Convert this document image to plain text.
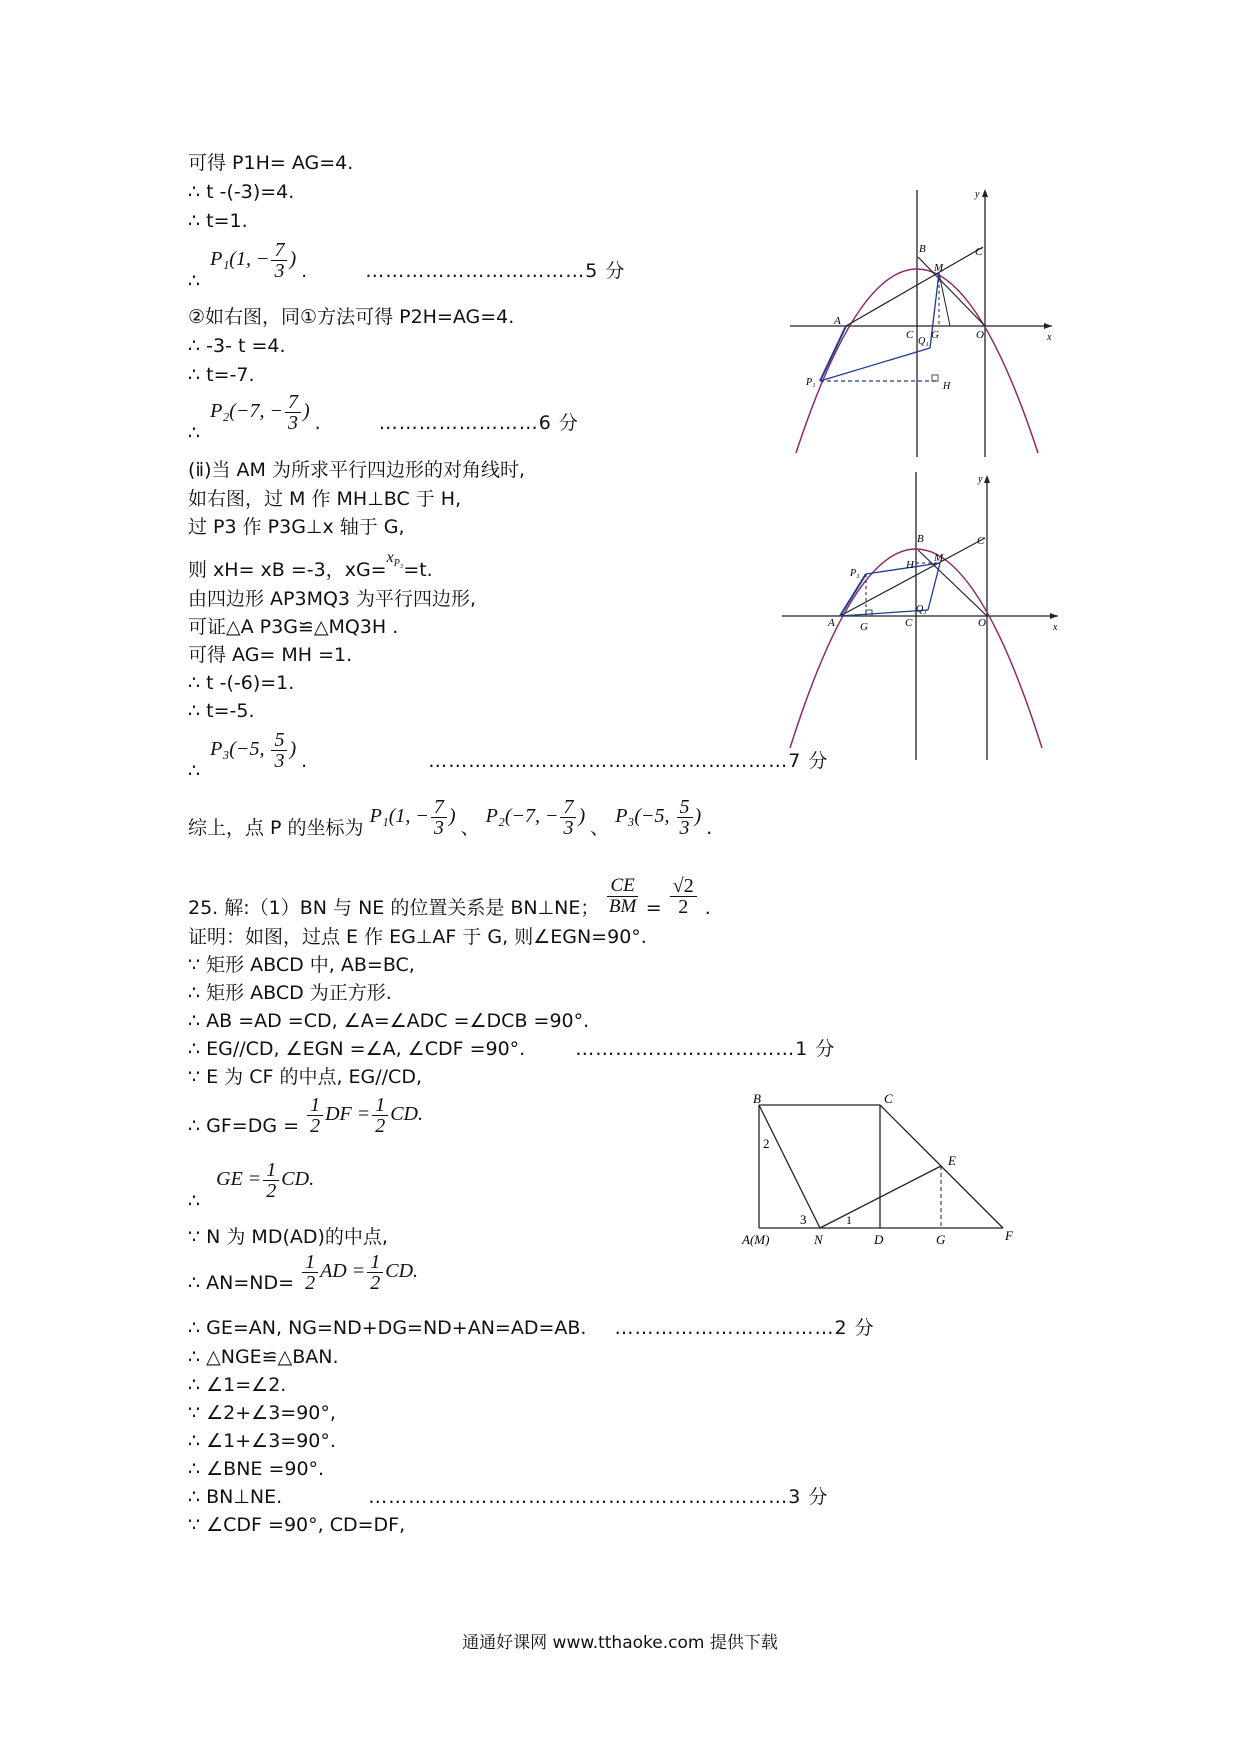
可得 P1H= AG=4.
∴ t -(-3)=4.
∴ t=1.
∴ P₁(1, − $\frac{7}{3}$ ) .	……………………………5 分
②如右图，同①方法可得 P2H=AG=4.
∴ -3- t =4.
∴ t=-7.
∴ P₂(−7, − $\frac{7}{3}$ ) .	……………………6 分
(ⅱ)当 AM 为所求平行四边形的对角线时,
如右图，过 M 作 MH⊥BC 于 H,
过 P3 作 P3G⊥x 轴于 G,
则 xH= xB =-3，xG=$^{x_{P_3}}$=t.
由四边形 AP3MQ3 为平行四边形,
可证△A P3G≌△MQ3H .
可得 AG= MH =1.
∴ t -(-6)=1.
∴ t=-5.
∴ P₃(−5, $\frac{5}{3}$ ) .	………………………………………………7 分
综上，点 P 的坐标为 P₁(1, − $\frac{7}{3}$ ) 、 P₂(−7, − $\frac{7}{3}$ ) 、 P₃(−5, $\frac{5}{3}$ ) .
25. 解:（1）BN 与 NE 的位置关系是 BN⊥NE； $\frac{CE}{BM} = \frac{√2}{2}$ .
证明：如图，过点 E 作 EG⊥AF 于 G, 则∠EGN=90°.
∵ 矩形 ABCD 中, AB=BC,
∴ 矩形 ABCD 为正方形.
∴ AB =AD =CD, ∠A=∠ADC =∠DCB =90°.
∴ EG//CD, ∠EGN =∠A, ∠CDF =90°.	……………………………1 分
∵ E 为 CF 的中点, EG//CD,
∴ $GF=DG = \frac{1}{2}$ DF = $\frac{1}{2}$ CD.
∴ GE = $\frac{1}{2}$ CD.
∵ N 为 MD(AD)的中点,
∴ $AN=ND= \frac{1}{2}$ AD = $\frac{1}{2}$ CD.
∴ GE=AN, NG=ND+DG=ND+AN=AD=AB. ……………………………2 分
∴ △NGE≌△BAN.
∴ ∠1=∠2.
∵ ∠2+∠3=90°,
∴ ∠1+∠3=90°.
∴ ∠BNE =90°.
∴ BN⊥NE.	………………………………………………………3 分
∵ ∠CDF =90°, CD=DF,
B	C
M
A
C G	O	x
y
Q₁
P₁	H
y
B	C
H
M
P₃
A G	C
Q₃
O	x
B	C
E
2
3	1
A(M)	N	D	G	F
通通好课网 www.tthaoke.com 提供下载
